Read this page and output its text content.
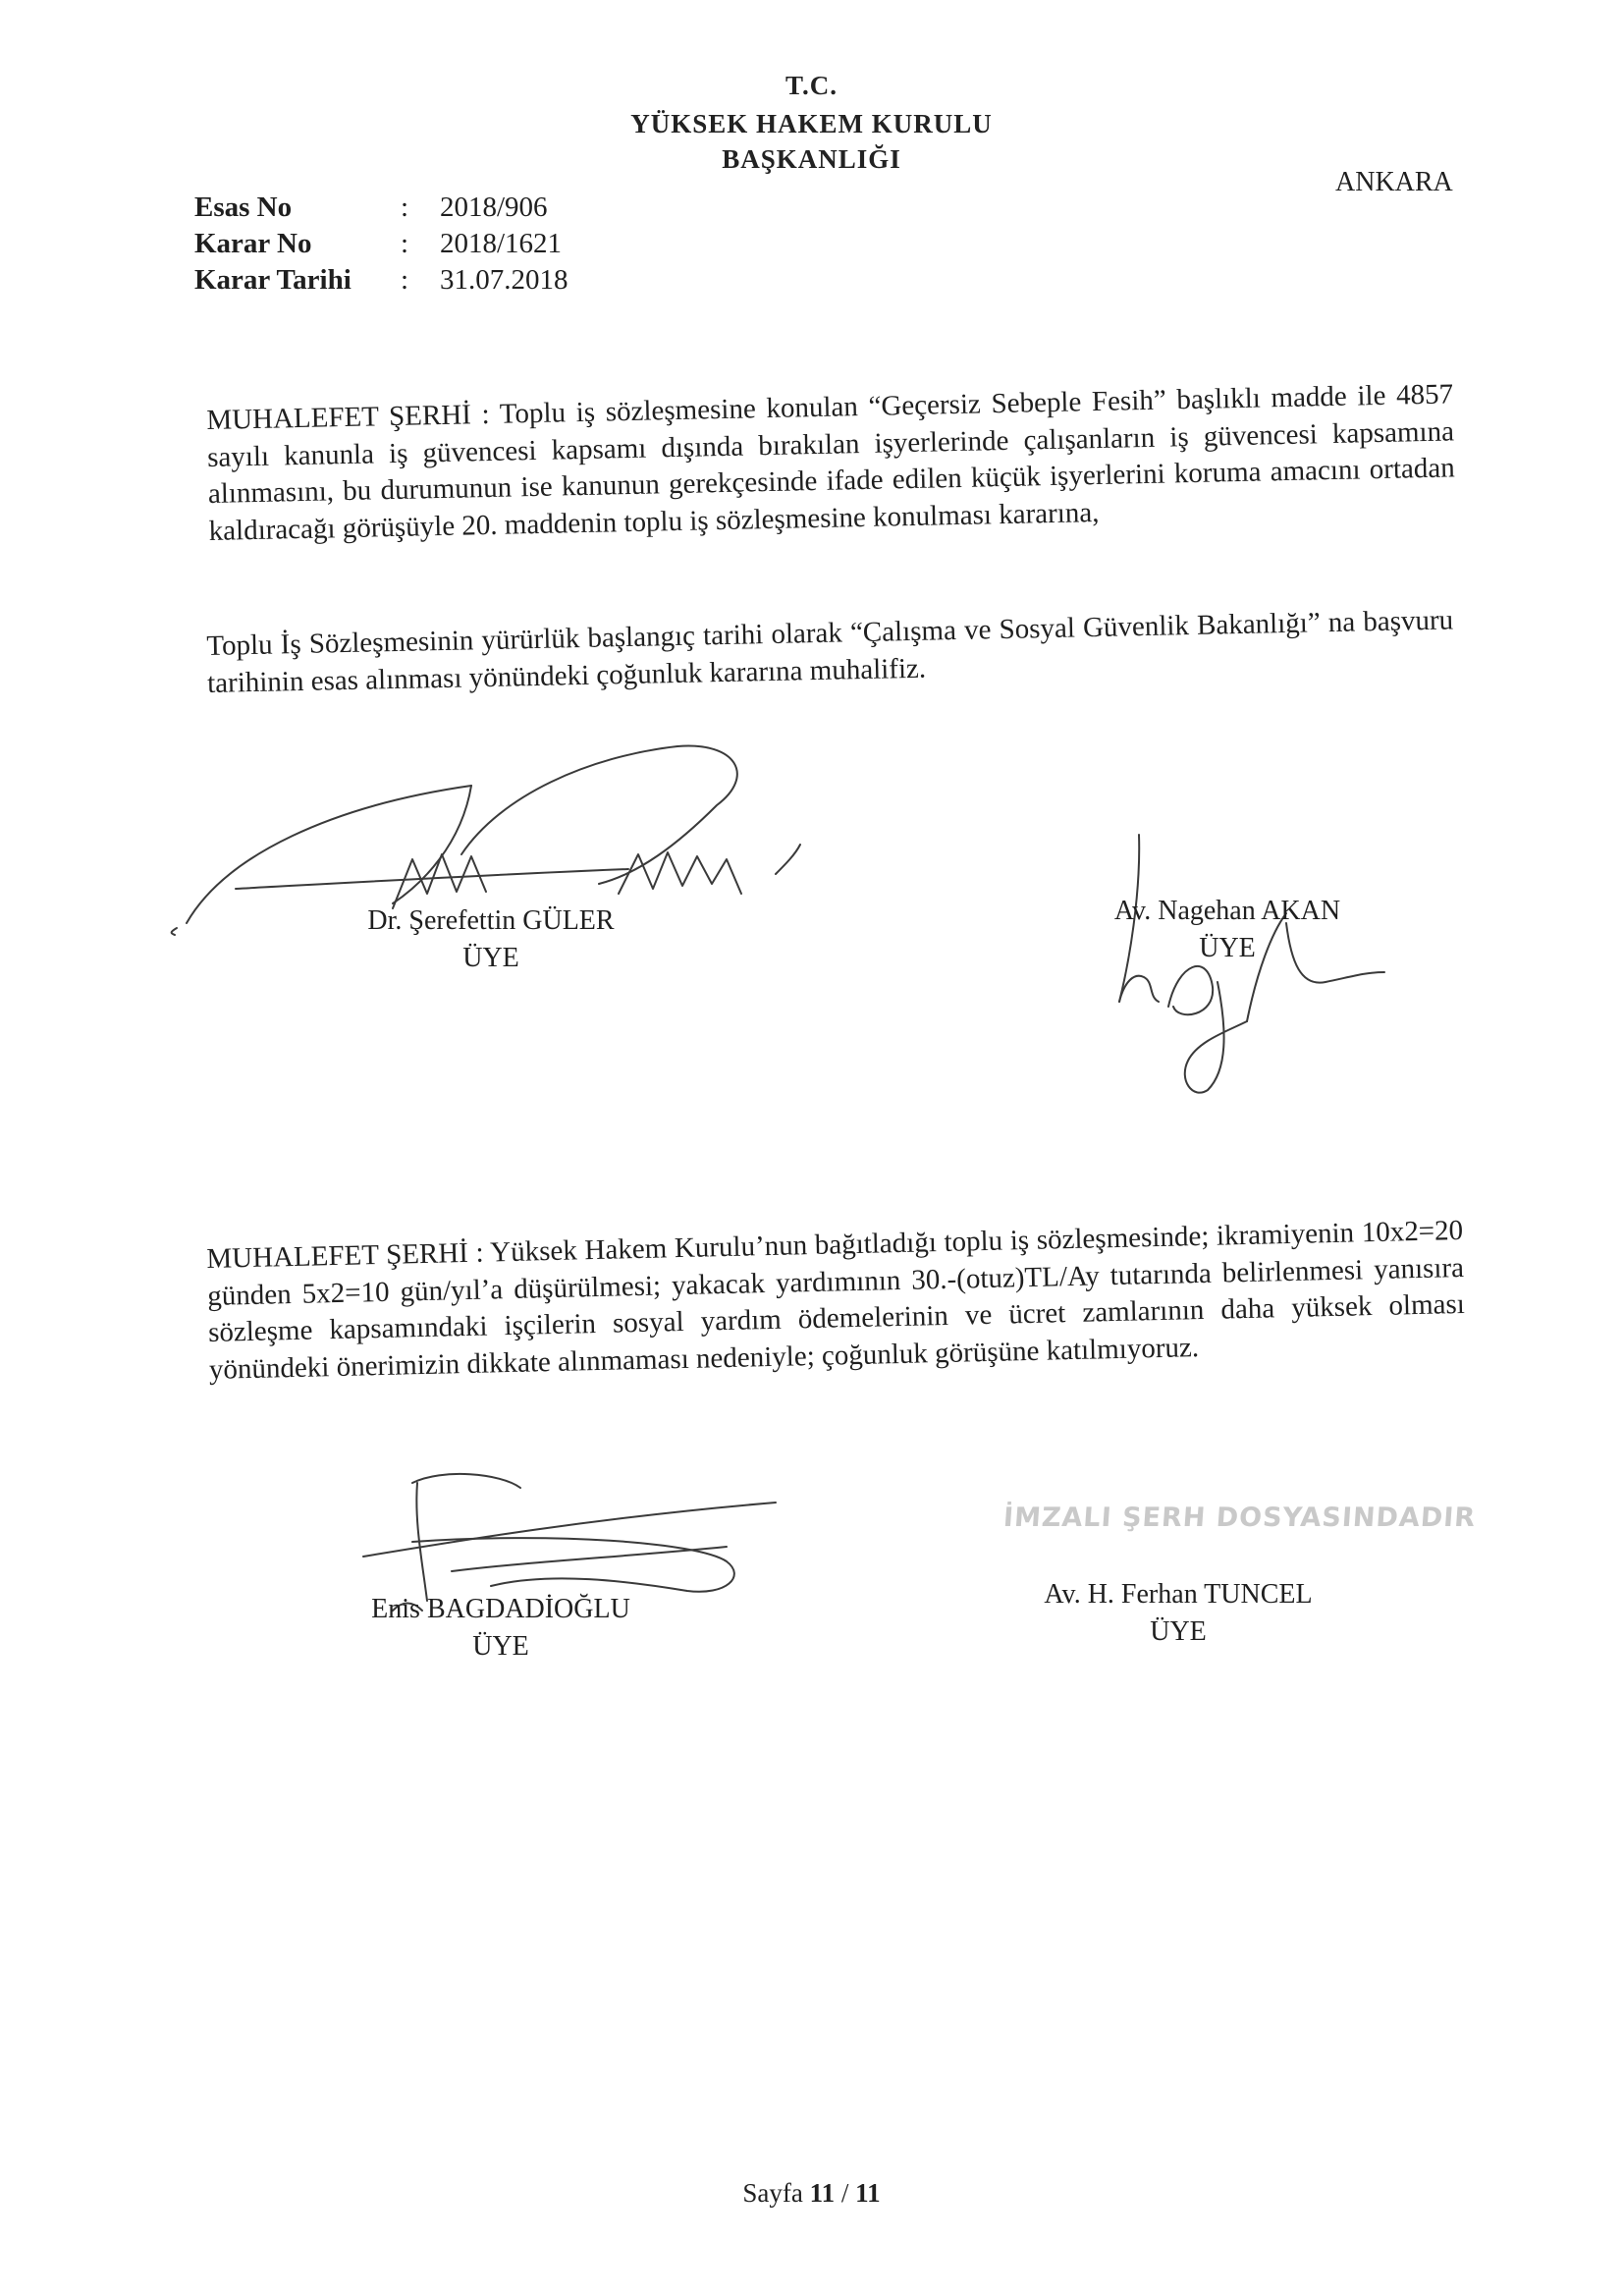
T.C.
YÜKSEK HAKEM KURULU
BAŞKANLIĞI
ANKARA
Esas No	: 2018/906
Karar No	: 2018/1621
Karar Tarihi	: 31.07.2018
MUHALEFET ŞERHİ : Toplu iş sözleşmesine konulan “Geçersiz Sebeple Fesih” başlıklı madde ile 4857 sayılı kanunla iş güvencesi kapsamı dışında bırakılan işyerlerinde çalışanların iş güvencesi kapsamına alınmasını, bu durumunun ise kanunun gerekçesinde ifade edilen küçük işyerlerini koruma amacını ortadan kaldıracağı görüşüyle 20. maddenin toplu iş sözleşmesine konulması kararına,
Toplu İş Sözleşmesinin yürürlük başlangıç tarihi olarak “Çalışma ve Sosyal Güvenlik Bakanlığı” na başvuru tarihinin esas alınması yönündeki çoğunluk kararına muhalifiz.
Dr. Şerefettin GÜLER
ÜYE
Av. Nagehan AKAN
ÜYE
MUHALEFET ŞERHİ : Yüksek Hakem Kurulu’nun bağıtladığı toplu iş sözleşmesinde; ikramiyenin 10x2=20 günden 5x2=10 gün/yıl’a düşürülmesi; yakacak yardımının 30.-(otuz)TL/Ay tutarında belirlenmesi yanısıra sözleşme kapsamındaki işçilerin sosyal yardım ödemelerinin ve ücret zamlarının daha yüksek olması yönündeki önerimizin dikkate alınmaması nedeniyle; çoğunluk görüşüne katılmıyoruz.
Enis BAGDADİOĞLU
ÜYE
İMZALI ŞERH DOSYASINDADIR
Av. H. Ferhan TUNCEL
ÜYE
Sayfa 11 / 11
